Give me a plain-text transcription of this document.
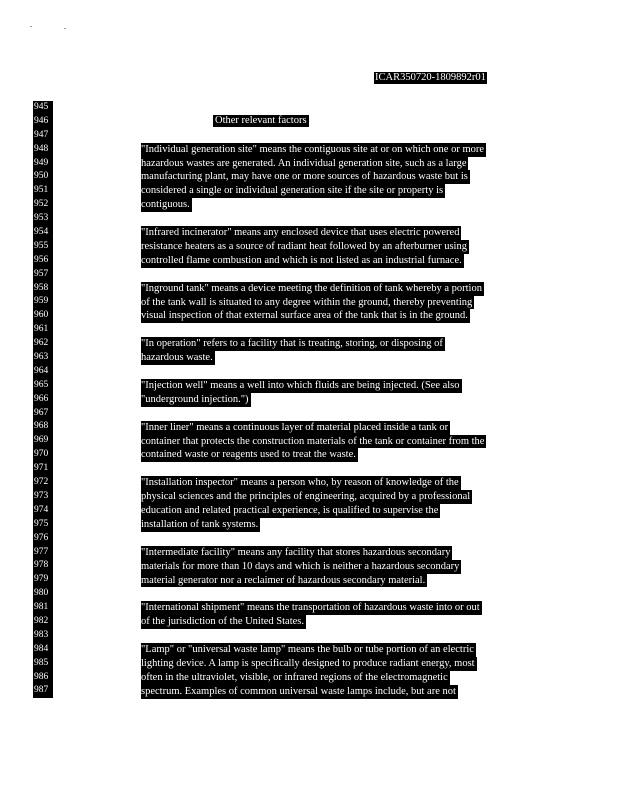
ICAR350720-1809892r01
945
946
947
948
949
950
951
952
953
954
955
956
957
958
959
960
961
962
963
964
965
966
967
968
969
970
971
972
973
974
975
976
977
978
979
980
981
982
983
984
985
986
987
Other relevant factors
"Individual generation site" means the contiguous site at or on which one or more
hazardous wastes are generated. An individual generation site, such as a large
manufacturing plant, may have one or more sources of hazardous waste but is
considered a single or individual generation site if the site or property is
contiguous.
"Infrared incinerator" means any enclosed device that uses electric powered
resistance heaters as a source of radiant heat followed by an afterburner using
controlled flame combustion and which is not listed as an industrial furnace.
"Inground tank" means a device meeting the definition of tank whereby a portion
of the tank wall is situated to any degree within the ground, thereby preventing
visual inspection of that external surface area of the tank that is in the ground.
"In operation" refers to a facility that is treating, storing, or disposing of
hazardous waste.
"Injection well" means a well into which fluids are being injected. (See also
"underground injection.")
"Inner liner" means a continuous layer of material placed inside a tank or
container that protects the construction materials of the tank or container from the
contained waste or reagents used to treat the waste.
"Installation inspector" means a person who, by reason of knowledge of the
physical sciences and the principles of engineering, acquired by a professional
education and related practical experience, is qualified to supervise the
installation of tank systems.
"Intermediate facility" means any facility that stores hazardous secondary
materials for more than 10 days and which is neither a hazardous secondary
material generator nor a reclaimer of hazardous secondary material.
"International shipment" means the transportation of hazardous waste into or out
of the jurisdiction of the United States.
"Lamp" or "universal waste lamp" means the bulb or tube portion of an electric
lighting device. A lamp is specifically designed to produce radiant energy, most
often in the ultraviolet, visible, or infrared regions of the electromagnetic
spectrum. Examples of common universal waste lamps include, but are not
